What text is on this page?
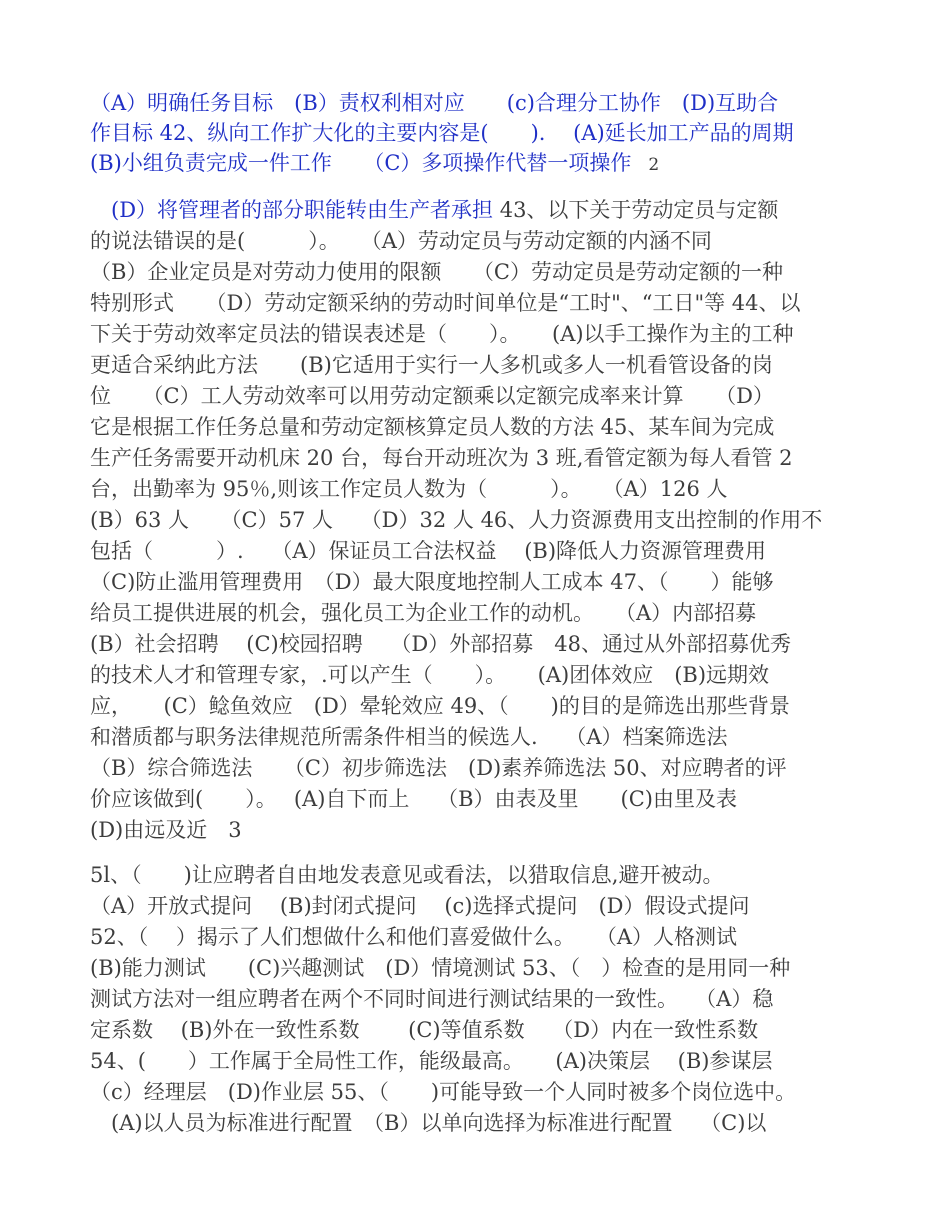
（A）明确任务目标　(B）责权利相对应　　(c)合理分工协作　(D)互助合
作目标 42、纵向工作扩大化的主要内容是(　　).　 (A)延长加工产品的周期
(B)小组负责完成一件工作　　（C）多项操作代替一项操作　2
　(D）将管理者的部分职能转由生产者承担 43、以下关于劳动定员与定额
的说法错误的是(　　　）。　　（A）劳动定员与劳动定额的内涵不同
（B）企业定员是对劳动力使用的限额　　（C）劳动定员是劳动定额的一种
特别形式　　（D）劳动定额采纳的劳动时间单位是“工时"、“工日"等 44、以
下关于劳动效率定员法的错误表述是（　　）。　　(A)以手工操作为主的工种
更适合采纳此方法　　(B)它适用于实行一人多机或多人一机看管设备的岗
位　　（C）工人劳动效率可以用劳动定额乘以定额完成率来计算　　（D）
它是根据工作任务总量和劳动定额核算定员人数的方法 45、某车间为完成
生产任务需要开动机床 20 台，每台开动班次为 3 班,看管定额为每人看管 2
台，出勤率为 95％,则该工作定员人数为（　　　）。　　（A）126 人
(B）63 人　　（C）57 人　 （D）32 人 46、人力资源费用支出控制的作用不
包括（　　　）.　 （A）保证员工合法权益　 (B)降低人力资源管理费用
（C)防止滥用管理费用　（D）最大限度地控制人工成本 47、（　　）能够
给员工提供进展的机会，强化员工为企业工作的动机。　　（A）内部招募
(B）社会招聘　 (C)校园招聘　 （D）外部招募　48、通过从外部招募优秀
的技术人才和管理专家，.可以产生（　　）。　　(A)团体效应　(B)远期效
应，　　(C）鲶鱼效应　(D）晕轮效应 49、（　　)的目的是筛选出那些背景
和潜质都与职务法律规范所需条件相当的候选人.　 （A）档案筛选法
（B）综合筛选法　　（C）初步筛选法　(D)素养筛选法 50、对应聘者的评
价应该做到(　　）。　 (A)自下而上　 （B）由表及里　　(C)由里及表
(D)由远及近　3
5l、（　　)让应聘者自由地发表意见或看法，以猎取信息,避开被动。
（A）开放式提问　 (B)封闭式提问　 (c)选择式提问　(D）假设式提问
52、（　 ）揭示了人们想做什么和他们喜爱做什么。　　（A）人格测试
(B)能力测试　　(C)兴趣测试　(D）情境测试 53、（　）检查的是用同一种
测试方法对一组应聘者在两个不同时间进行测试结果的一致性。　 （A）稳
定系数　 (B)外在一致性系数　　 (C)等值系数　 （D）内在一致性系数
54、(　　）工作属于全局性工作，能级最高。　　(A)决策层　 (B)参谋层
（c）经理层　(D)作业层 55、（　　)可能导致一个人同时被多个岗位选中。
　(A)以人员为标准进行配置　（B）以单向选择为标准进行配置　 （C)以
